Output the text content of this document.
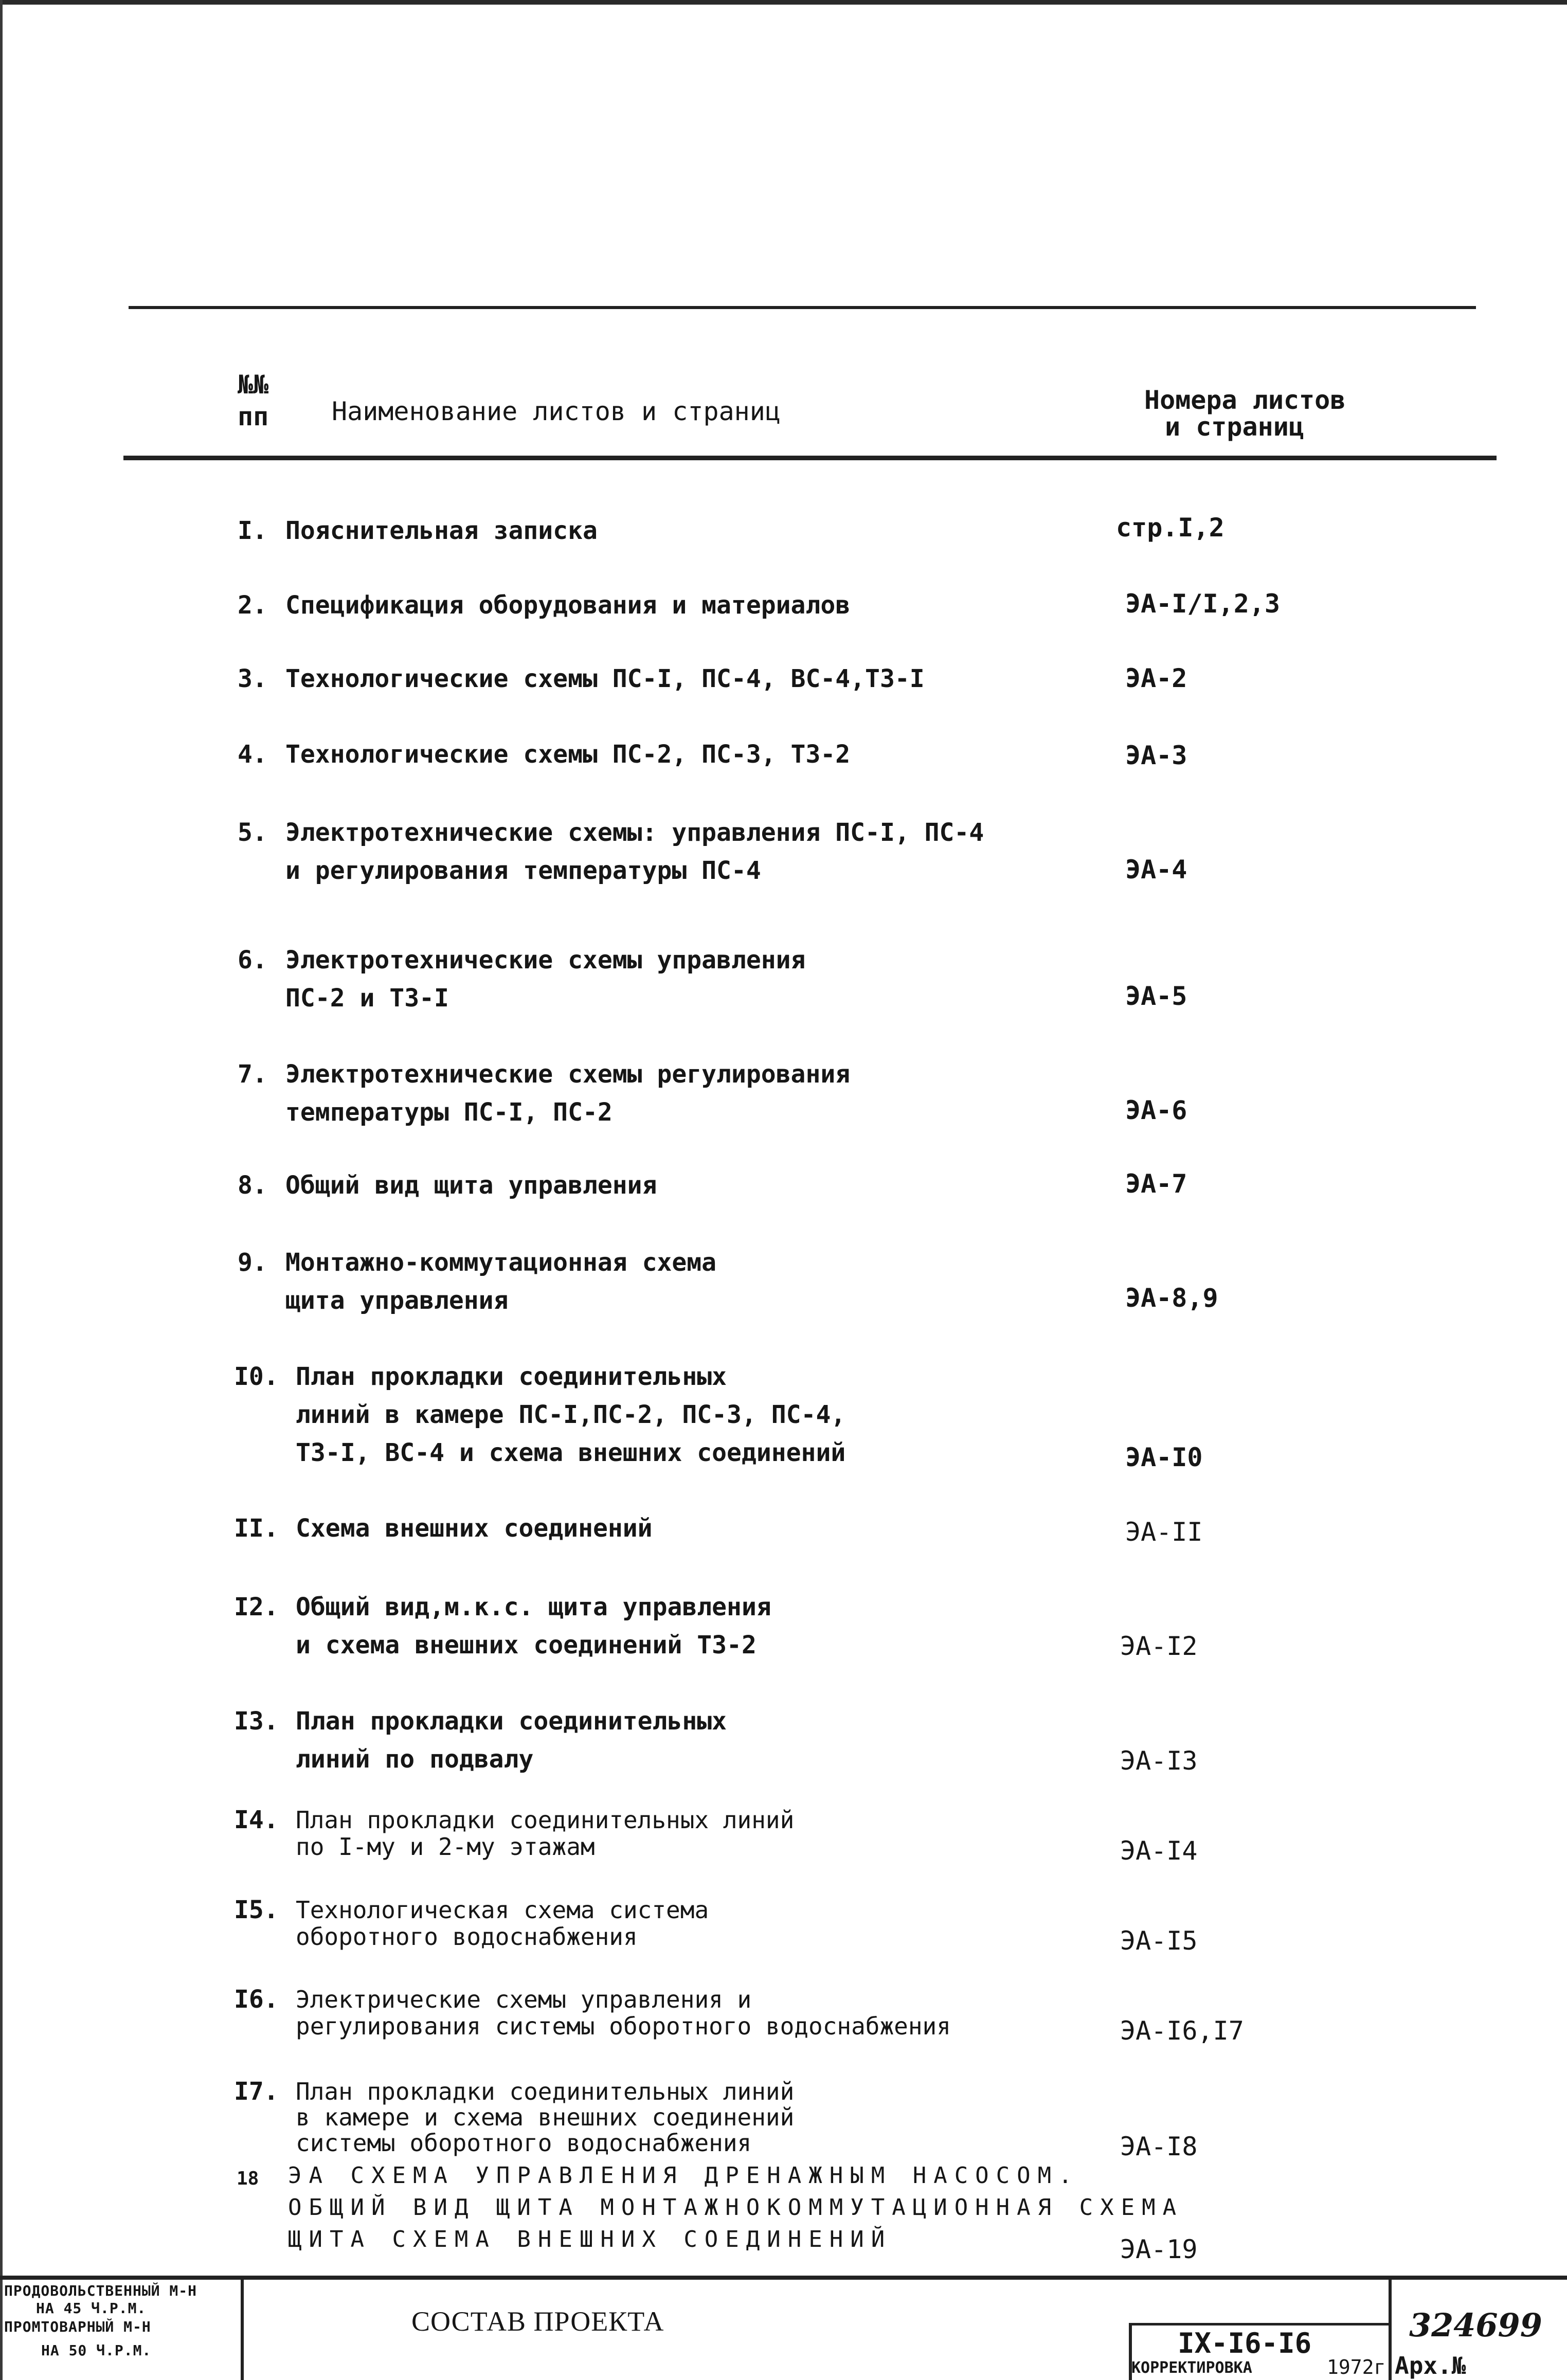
№№
пп Наименование листов и страниц	Номера листов
и страниц
I. Пояснительная записка	стр.I,2
2. Спецификация оборудования и материалов	ЭА-I/I,2,3
3. Технологические схемы ПС-I, ПС-4, ВС-4,ТЗ-I	ЭА-2
4. Технологические схемы ПС-2, ПС-3, ТЗ-2	ЭА-3
5. Электротехнические схемы: управления ПС-I, ПС-4
и регулирования температуры ПС-4	ЭА-4
6. Электротехнические схемы управления
ПС-2 и ТЗ-I	ЭА-5
7. Электротехнические схемы регулирования
температуры ПС-I, ПС-2	ЭА-6
8. Общий вид щита управления	ЭА-7
9. Монтажно-коммутационная схема
щита управления	ЭА-8,9
I0. План прокладки соединительных
линий в камере ПС-I,ПС-2, ПС-3, ПС-4,
ТЗ-I, ВС-4 и схема внешних соединений	ЭА-I0
II. Схема внешних соединений	ЭА-II
I2. Общий вид,м.к.с. щита управления
и схема внешних соединений ТЗ-2	ЭА-I2
I3. План прокладки соединительных
линий по подвалу	ЭА-I3
I4. План прокладки соединительных линий
по I-му и 2-му этажам	ЭА-I4
I5. Технологическая схема система
оборотного водоснабжения	ЭА-I5
I6. Электрические схемы управления и
регулирования системы оборотного водоснабжения	ЭА-I6,I7
I7. План прокладки соединительных линий
в камере и схема внешних соединений
системы оборотного водоснабжения	ЭА-I8
18	ЭА СХЕМА УПРАВЛЕНИЯ ДРЕНАЖНЫМ НАСОСОМ.
ОБЩИЙ ВИД ЩИТА МОНТАЖНОКОММУТАЦИОННАЯ СХЕМА
ЩИТА СХЕМА ВНЕШНИХ СОЕДИНЕНИЙ	ЭА-19
ПРОДОВОЛЬСТВЕННЫЙ М-Н
НА 45 Ч.Р.М.
ПРОМТОВАРНЫЙ М-Н
НА 50 Ч.Р.М.
СОСТАВ ПРОЕКТА
IX-I6-I6
КОРРЕКТИРОВКА	1972г
324699
Арх.№
